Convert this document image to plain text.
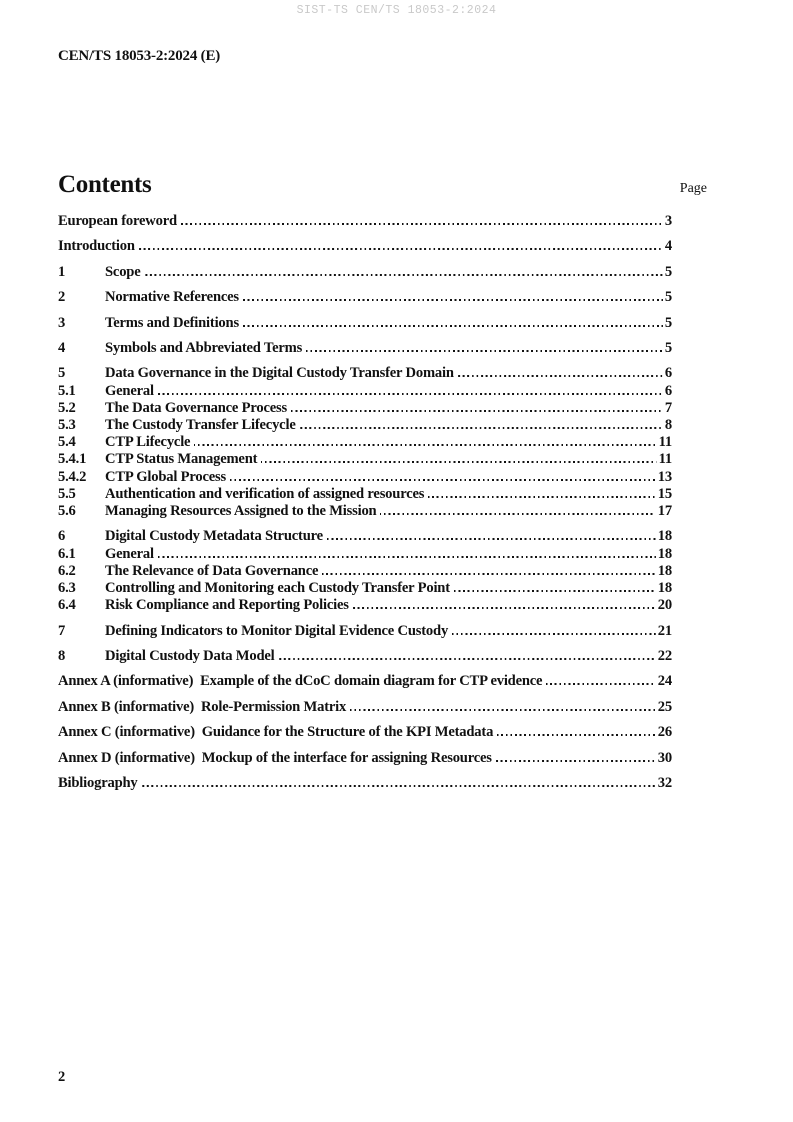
SIST-TS CEN/TS 18053-2:2024
CEN/TS 18053-2:2024 (E)
Contents	Page
European foreword	3
Introduction	4
1	Scope	5
2	Normative References	5
3	Terms and Definitions	5
4	Symbols and Abbreviated Terms	5
5	Data Governance in the Digital Custody Transfer Domain	6
5.1	General	6
5.2	The Data Governance Process	7
5.3	The Custody Transfer Lifecycle	8
5.4	CTP Lifecycle	11
5.4.1	CTP Status Management	11
5.4.2	CTP Global Process	13
5.5	Authentication and verification of assigned resources	15
5.6	Managing Resources Assigned to the Mission	17
6	Digital Custody Metadata Structure	18
6.1	General	18
6.2	The Relevance of Data Governance	18
6.3	Controlling and Monitoring each Custody Transfer Point	18
6.4	Risk Compliance and Reporting Policies	20
7	Defining Indicators to Monitor Digital Evidence Custody	21
8	Digital Custody Data Model	22
Annex A (informative)  Example of the dCoC domain diagram for CTP evidence	24
Annex B (informative)  Role-Permission Matrix	25
Annex C (informative)  Guidance for the Structure of the KPI Metadata	26
Annex D (informative)  Mockup of the interface for assigning Resources	30
Bibliography	32
2
